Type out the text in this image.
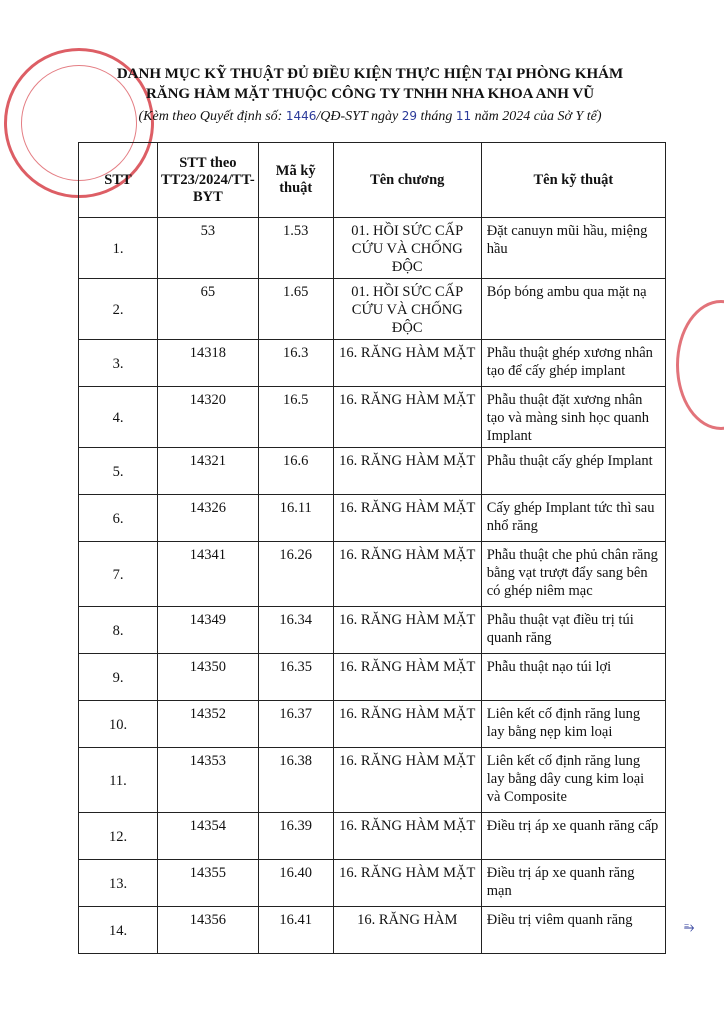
DANH MỤC KỸ THUẬT ĐỦ ĐIỀU KIỆN THỰC HIỆN TẠI PHÒNG KHÁM
RĂNG HÀM MẶT THUỘC CÔNG TY TNHH NHA KHOA ANH VŨ
(Kèm theo Quyết định số: 1446/QĐ-SYT ngày 29 tháng 11 năm 2024 của Sở Y tế)
STT	STT theo TT23/2024/TT-BYT	Mã kỹ thuật	Tên chương	Tên kỹ thuật
1.	53	1.53	01. HỒI SỨC CẤP CỨU VÀ CHỐNG ĐỘC	Đặt canuyn mũi hầu, miệng hầu
2.	65	1.65	01. HỒI SỨC CẤP CỨU VÀ CHỐNG ĐỘC	Bóp bóng ambu qua mặt nạ
3.	14318	16.3	16. RĂNG HÀM MẶT	Phẫu thuật ghép xương nhân tạo để cấy ghép implant
4.	14320	16.5	16. RĂNG HÀM MẶT	Phẫu thuật đặt xương nhân tạo và màng sinh học quanh Implant
5.	14321	16.6	16. RĂNG HÀM MẶT	Phẫu thuật cấy ghép Implant
6.	14326	16.11	16. RĂNG HÀM MẶT	Cấy ghép Implant tức thì sau nhổ răng
7.	14341	16.26	16. RĂNG HÀM MẶT	Phẫu thuật che phủ chân răng bằng vạt trượt đẩy sang bên có ghép niêm mạc
8.	14349	16.34	16. RĂNG HÀM MẶT	Phẫu thuật vạt điều trị túi quanh răng
9.	14350	16.35	16. RĂNG HÀM MẶT	Phẫu thuật nạo túi lợi
10.	14352	16.37	16. RĂNG HÀM MẶT	Liên kết cố định răng lung lay bằng nẹp kim loại
11.	14353	16.38	16. RĂNG HÀM MẶT	Liên kết cố định răng lung lay bằng dây cung kim loại và Composite
12.	14354	16.39	16. RĂNG HÀM MẶT	Điều trị áp xe quanh răng cấp
13.	14355	16.40	16. RĂNG HÀM MẶT	Điều trị áp xe quanh răng mạn
14.	14356	16.41	16. RĂNG HÀM	Điều trị viêm quanh răng	⥱
